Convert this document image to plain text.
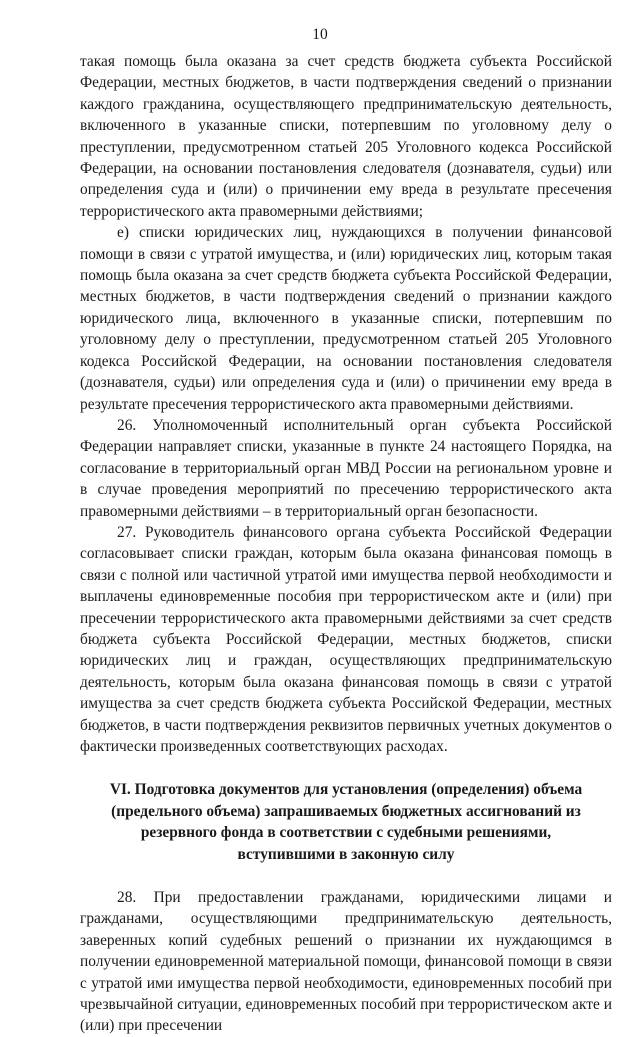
10

такая помощь была оказана за счет средств бюджета субъекта Российской Федерации, местных бюджетов, в части подтверждения сведений о признании каждого гражданина, осуществляющего предпринимательскую деятельность, включенного в указанные списки, потерпевшим по уголовному делу о преступлении, предусмотренном статьей 205 Уголовного кодекса Российской Федерации, на основании постановления следователя (дознавателя, судьи) или определения суда и (или) о причинении ему вреда в результате пресечения террористического акта правомерными действиями;

е) списки юридических лиц, нуждающихся в получении финансовой помощи в связи с утратой имущества, и (или) юридических лиц, которым такая помощь была оказана за счет средств бюджета субъекта Российской Федерации, местных бюджетов, в части подтверждения сведений о признании каждого юридического лица, включенного в указанные списки, потерпевшим по уголовному делу о преступлении, предусмотренном статьей 205 Уголовного кодекса Российской Федерации, на основании постановления следователя (дознавателя, судьи) или определения суда и (или) о причинении ему вреда в результате пресечения террористического акта правомерными действиями.

26. Уполномоченный исполнительный орган субъекта Российской Федерации направляет списки, указанные в пункте 24 настоящего Порядка, на согласование в территориальный орган МВД России на региональном уровне и в случае проведения мероприятий по пресечению террористического акта правомерными действиями – в территориальный орган безопасности.

27. Руководитель финансового органа субъекта Российской Федерации согласовывает списки граждан, которым была оказана финансовая помощь в связи с полной или частичной утратой ими имущества первой необходимости и выплачены единовременные пособия при террористическом акте и (или) при пресечении террористического акта правомерными действиями за счет средств бюджета субъекта Российской Федерации, местных бюджетов, списки юридических лиц и граждан, осуществляющих предпринимательскую деятельность, которым была оказана финансовая помощь в связи с утратой имущества за счет средств бюджета субъекта Российской Федерации, местных бюджетов, в части подтверждения реквизитов первичных учетных документов о фактически произведенных соответствующих расходах.

VI. Подготовка документов для установления (определения) объема (предельного объема) запрашиваемых бюджетных ассигнований из резервного фонда в соответствии с судебными решениями, вступившими в законную силу

28. При предоставлении гражданами, юридическими лицами и гражданами, осуществляющими предпринимательскую деятельность, заверенных копий судебных решений о признании их нуждающимся в получении единовременной материальной помощи, финансовой помощи в связи с утратой ими имущества первой необходимости, единовременных пособий при чрезвычайной ситуации, единовременных пособий при террористическом акте и (или) при пресечении
